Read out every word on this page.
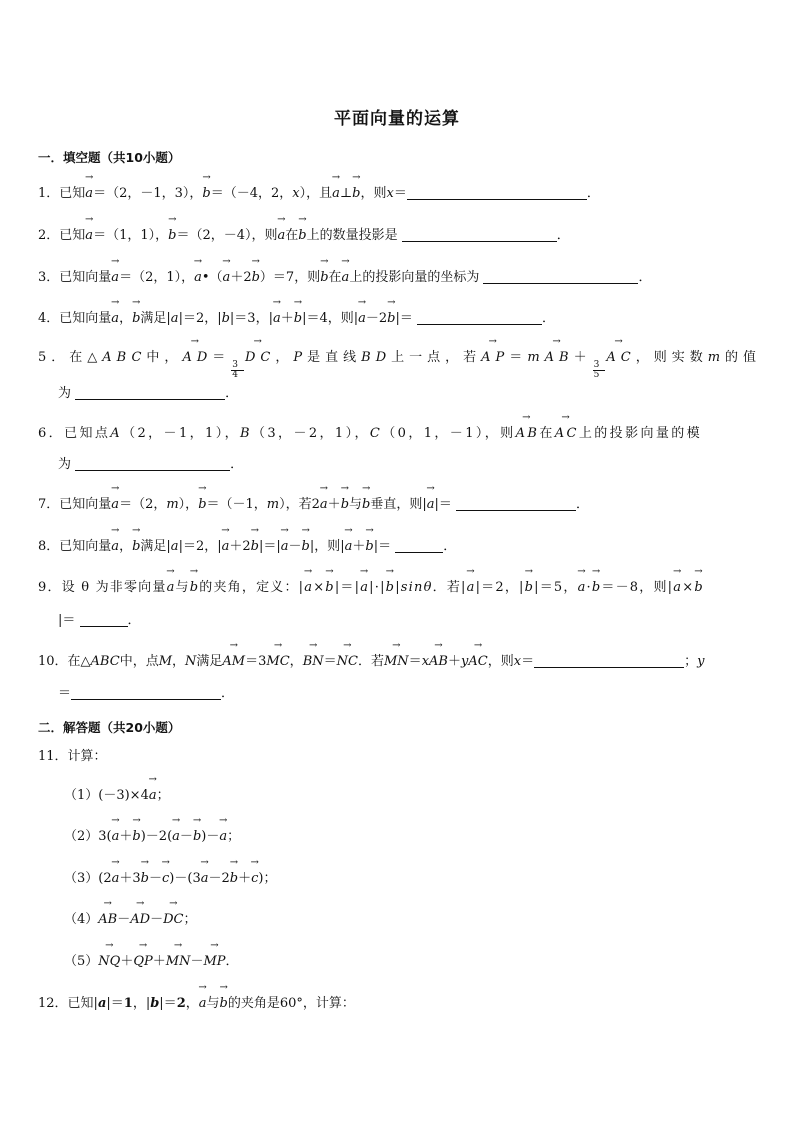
平面向量的运算
一．填空题（共10小题）
1．已知→ a＝（2，－1，3），→ b＝（－4，2，x），且→ a⊥→ b，则x＝	．
2．已知→ a＝（1，1），→ b＝（2，－4），则→ a在→ b上的数量投影是	．
3．已知向量→ a＝（2，1），→ a•（→ a＋2→ b）＝7，则→ b在→ a上的投影向量的坐标为	．
4．已知向量→ a，→ b满足|a|＝2，|b|＝3，|→ a＋→ b|＝4，则|→ a－2→ b|＝	．
5．在△ABC中，→ AD＝
$\frac{3}{4}$
→ DC，P是直线BD上一点，若→ AP＝m→ AB＋
$\frac{3}{5}$
→ AC，则实数m的值
为	．
6．已知点A（2，－1，1），B（3，－2，1），C（0，1，－1），则→ AB在→ AC上的投影向量的模
为	．
7．已知向量→ a＝（2，m），→ b＝（－1，m），若2→ a＋→ b与→ b垂直，则|→ a|＝	．
8．已知向量→ a，→ b满足|a|＝2，|→ a＋2→ b|＝|→ a－→ b|，则|→ a＋→ b|＝	．
9．设 θ 为非零向量→ a与→ b的夹角，定义：|→ a×→ b|＝|→ a|·|→ b|sinθ．若|→ a|＝2，|→ b|＝5，→ a·→ b＝－8，则|→ a×→ b
|＝	．
10．在△ABC中，点M，N满足→ AM＝3→ MC，→ BN＝→ NC．若→ MN＝x→ AB＋y→ AC，则x＝	；y
＝	．
二．解答题（共20小题）
11．计算：
（1）(－3)×4→ a；
（2）3(→ a＋→ b)－2(→ a－→ b)－→ a；
（3）(2→ a＋3→ b－→ c)－(3→ a－2→ b＋→ c)；
（4）→ AB－→ AD－→ DC；
（5）→ NQ＋→ QP＋→ MN－→ MP．
12．已知|a|＝1，|b|＝2，→ a与→ b的夹角是60°，计算：
